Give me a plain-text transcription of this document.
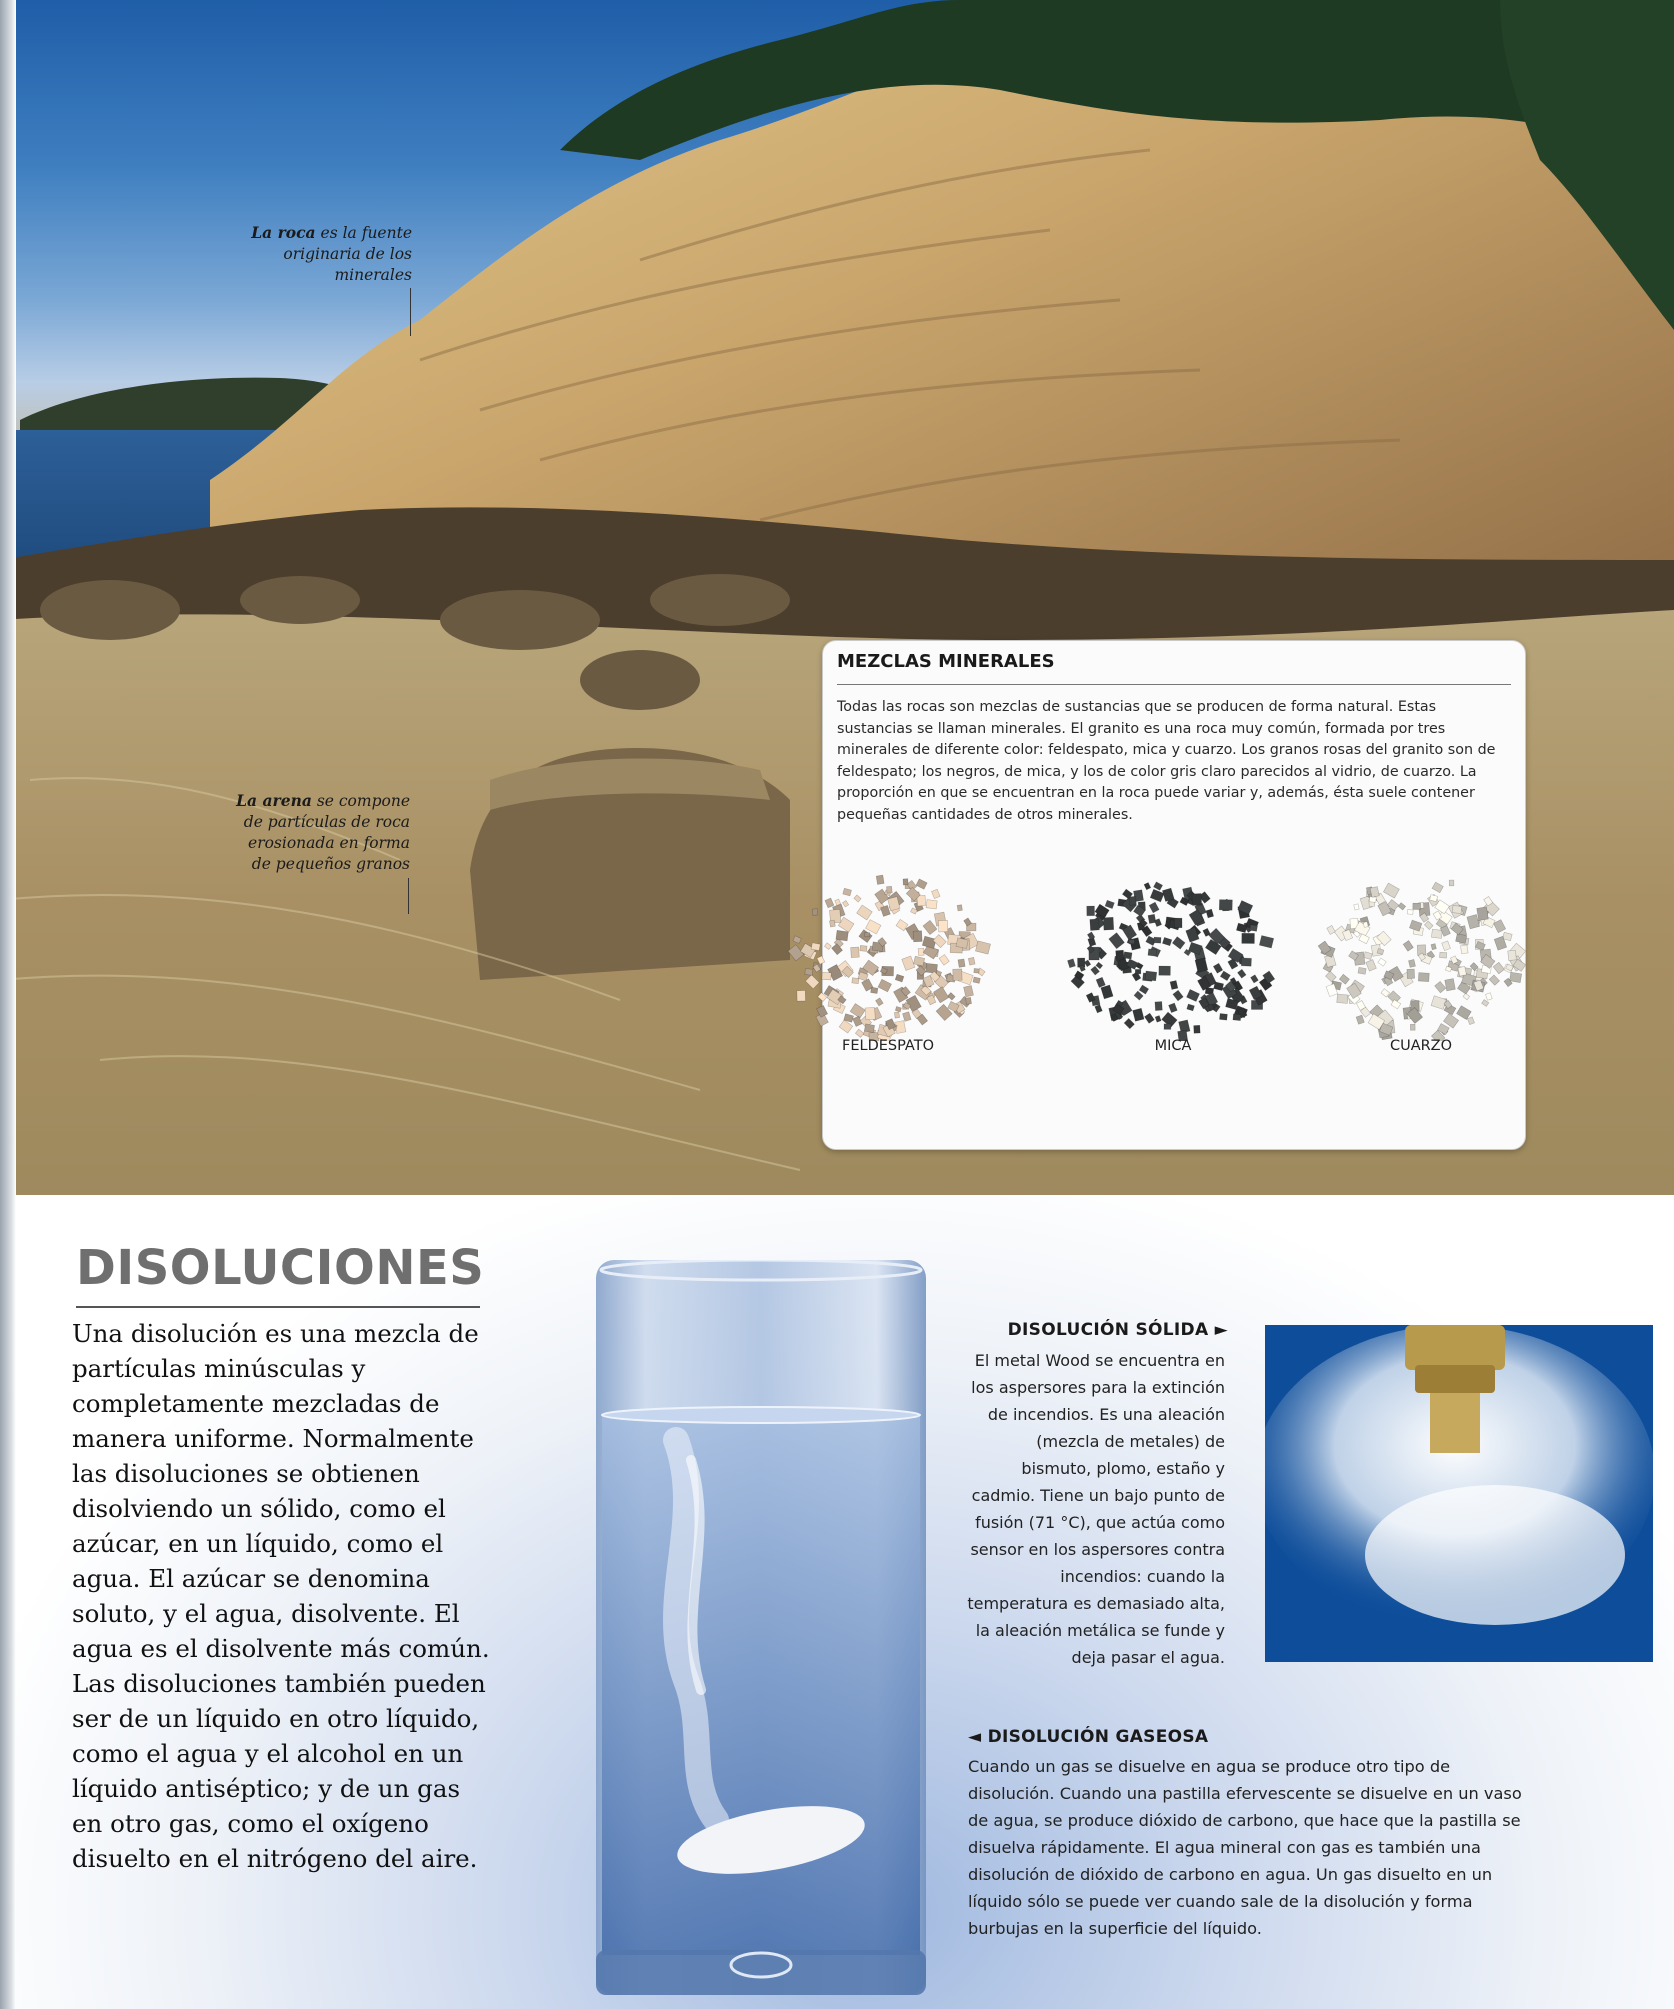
La roca es la fuente originaria de los minerales
La arena se compone de partículas de roca erosionada en forma de pequeños granos
MEZCLAS MINERALES
Todas las rocas son mezclas de sustancias que se producen de forma natural. Estas sustancias se llaman minerales. El granito es una roca muy común, formada por tres minerales de diferente color: feldespato, mica y cuarzo. Los granos rosas del granito son de feldespato; los negros, de mica, y los de color gris claro parecidos al vidrio, de cuarzo. La proporción en que se encuentran en la roca puede variar y, además, ésta suele contener pequeñas cantidades de otros minerales.
FELDESPATO	MICA	CUARZO
DISOLUCIONES
Una disolución es una mezcla de partículas minúsculas y completamente mezcladas de manera uniforme. Normalmente las disoluciones se obtienen disolviendo un sólido, como el azúcar, en un líquido, como el agua. El azúcar se denomina soluto, y el agua, disolvente. El agua es el disolvente más común. Las disoluciones también pueden ser de un líquido en otro líquido, como el agua y el alcohol en un líquido antiséptico; y de un gas en otro gas, como el oxígeno disuelto en el nitrógeno del aire.
DISOLUCIÓN SÓLIDA ►
El metal Wood se encuentra en los aspersores para la extinción de incendios. Es una aleación (mezcla de metales) de bismuto, plomo, estaño y cadmio. Tiene un bajo punto de fusión (71 °C), que actúa como sensor en los aspersores contra incendios: cuando la temperatura es demasiado alta, la aleación metálica se funde y deja pasar el agua.
◄ DISOLUCIÓN GASEOSA
Cuando un gas se disuelve en agua se produce otro tipo de disolución. Cuando una pastilla efervescente se disuelve en un vaso de agua, se produce dióxido de carbono, que hace que la pastilla se disuelva rápidamente. El agua mineral con gas es también una disolución de dióxido de carbono en agua. Un gas disuelto en un líquido sólo se puede ver cuando sale de la disolución y forma burbujas en la superficie del líquido.
